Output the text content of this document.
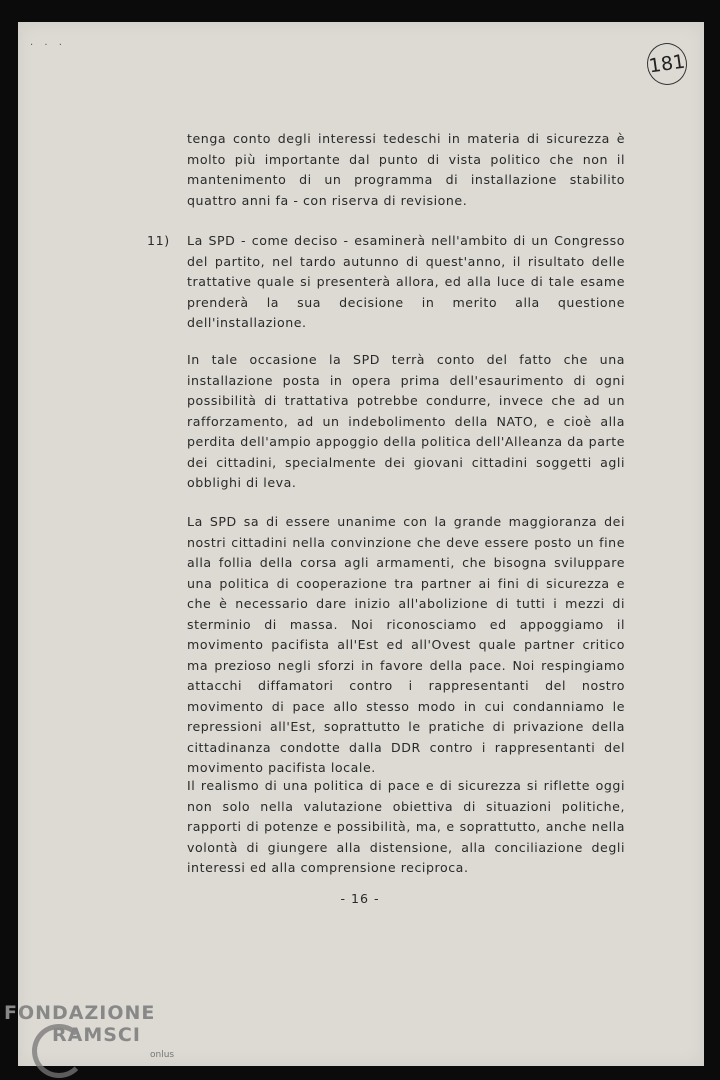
· · ·
181
tenga conto degli interessi tedeschi in materia di sicurezza è molto più importante dal punto di vista politico che non il mantenimento di un programma di installazione stabilito quattro anni fa - con riserva di revisione.
11) La SPD - come deciso - esaminerà nell'ambito di un Congresso del partito, nel tardo autunno di quest'anno, il risultato delle trattative quale si presenterà allora, ed alla luce di tale esame prenderà la sua decisione in merito alla questione dell'installazione.
In tale occasione la SPD terrà conto del fatto che una installazione posta in opera prima dell'esaurimento di ogni possibilità di trattativa potrebbe condurre, invece che ad un rafforzamento, ad un indebolimento della NATO, e cioè alla perdita dell'ampio appoggio della politica dell'Alleanza da parte dei cittadini, specialmente dei giovani cittadini soggetti agli obblighi di leva.
La SPD sa di essere unanime con la grande maggioranza dei nostri cittadini nella convinzione che deve essere posto un fine alla follia della corsa agli armamenti, che bisogna sviluppare una politica di cooperazione tra partner ai fini di sicurezza e che è necessario dare inizio all'abolizione di tutti i mezzi di sterminio di massa. Noi riconosciamo ed appoggiamo il movimento pacifista all'Est ed all'Ovest quale partner critico ma prezioso negli sforzi in favore della pace. Noi respingiamo attacchi diffamatori contro i rappresentanti del nostro movimento di pace allo stesso modo in cui condanniamo le repressioni all'Est, soprattutto le pratiche di privazione della cittadinanza condotte dalla DDR contro i rappresentanti del movimento pacifista locale.
Il realismo di una politica di pace e di sicurezza si riflette oggi non solo nella valutazione obiettiva di situazioni politiche, rapporti di potenze e possibilità, ma, e soprattutto, anche nella volontà di giungere alla distensione, alla conciliazione degli interessi ed alla comprensione reciproca.
- 16 -
FONDAZIONE
RAMSCI
onlus
